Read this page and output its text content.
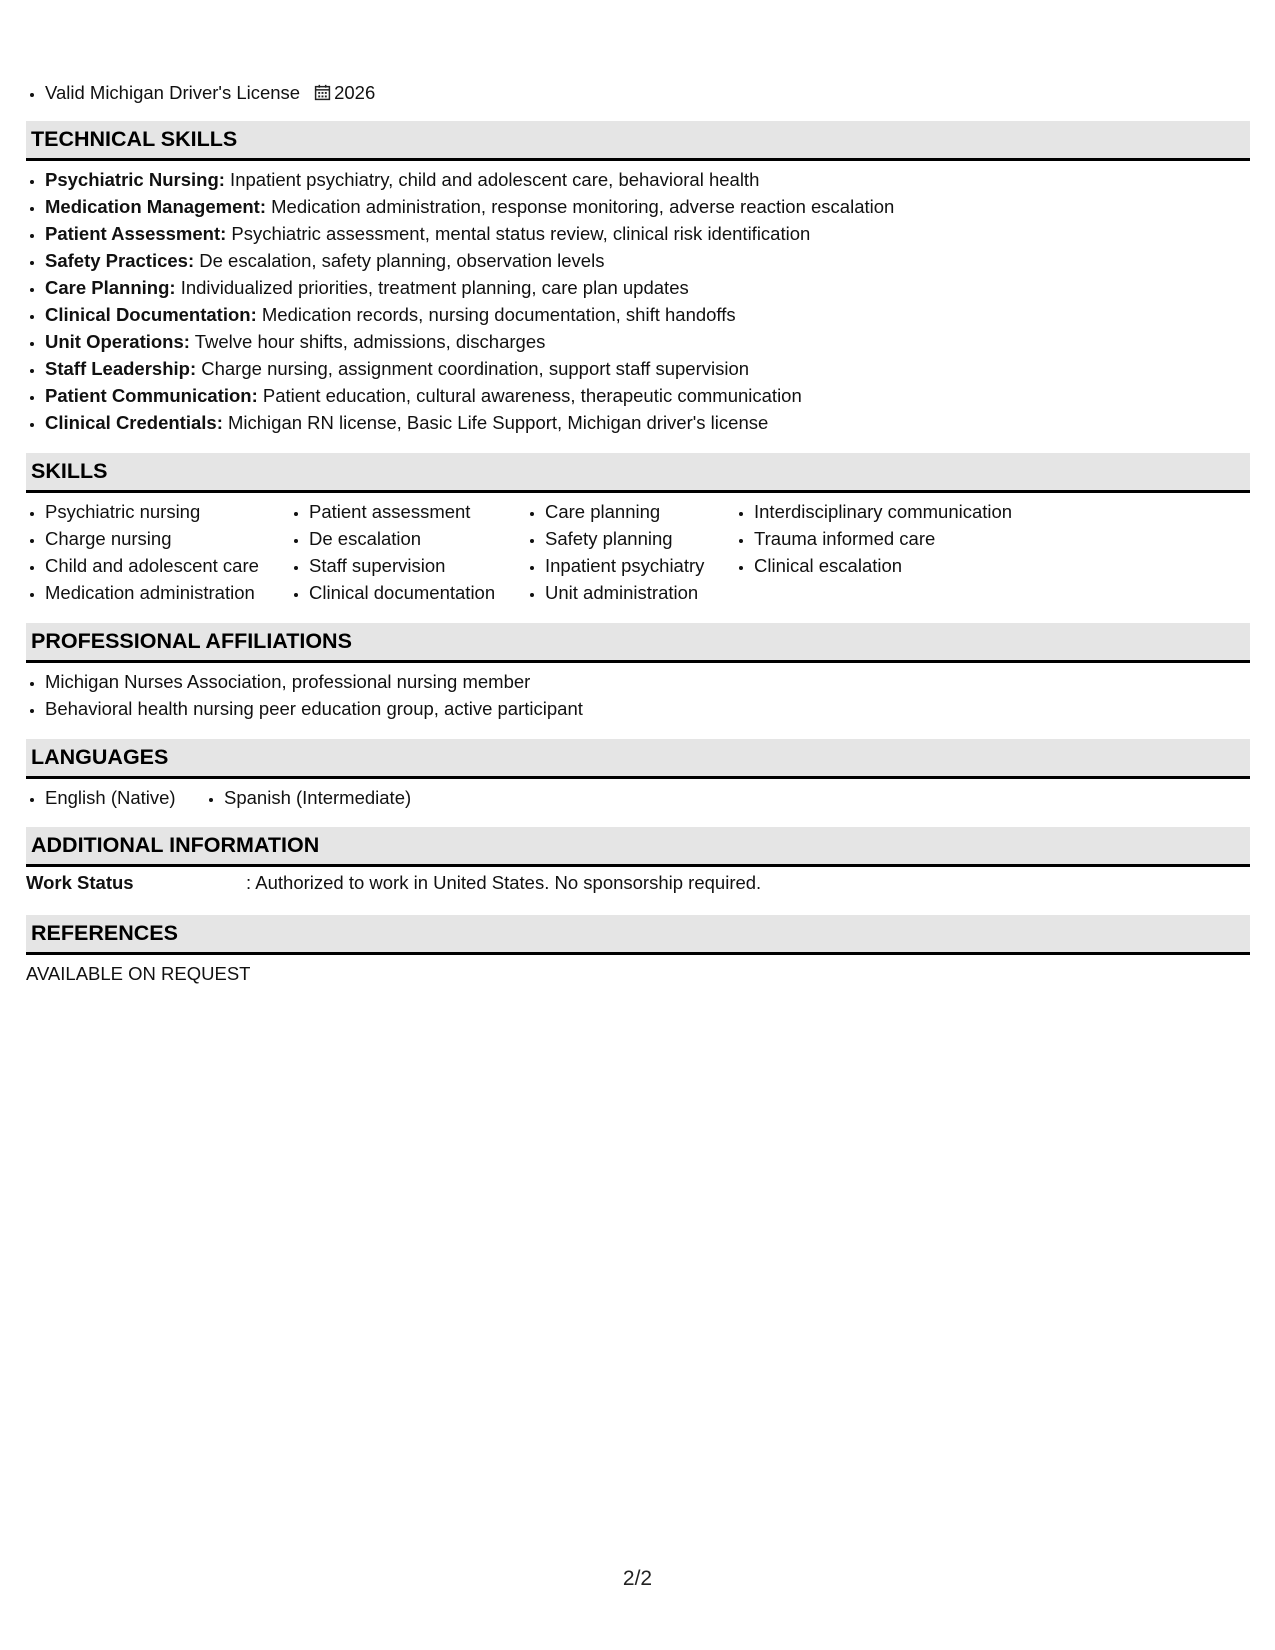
• Valid Michigan Driver's License 2026
TECHNICAL SKILLS
• Psychiatric Nursing: Inpatient psychiatry, child and adolescent care, behavioral health
• Medication Management: Medication administration, response monitoring, adverse reaction escalation
• Patient Assessment: Psychiatric assessment, mental status review, clinical risk identification
• Safety Practices: De escalation, safety planning, observation levels
• Care Planning: Individualized priorities, treatment planning, care plan updates
• Clinical Documentation: Medication records, nursing documentation, shift handoffs
• Unit Operations: Twelve hour shifts, admissions, discharges
• Staff Leadership: Charge nursing, assignment coordination, support staff supervision
• Patient Communication: Patient education, cultural awareness, therapeutic communication
• Clinical Credentials: Michigan RN license, Basic Life Support, Michigan driver's license
SKILLS
• Psychiatric nursing
• Charge nursing
• Child and adolescent care
• Medication administration
• Patient assessment
• De escalation
• Staff supervision
• Clinical documentation
• Care planning
• Safety planning
• Inpatient psychiatry
• Unit administration
• Interdisciplinary communication
• Trauma informed care
• Clinical escalation
PROFESSIONAL AFFILIATIONS
• Michigan Nurses Association, professional nursing member
• Behavioral health nursing peer education group, active participant
LANGUAGES
• English (Native)
•	Spanish (Intermediate)
ADDITIONAL INFORMATION
Work Status	: Authorized to work in United States. No sponsorship required.
REFERENCES
AVAILABLE ON REQUEST
2/2
